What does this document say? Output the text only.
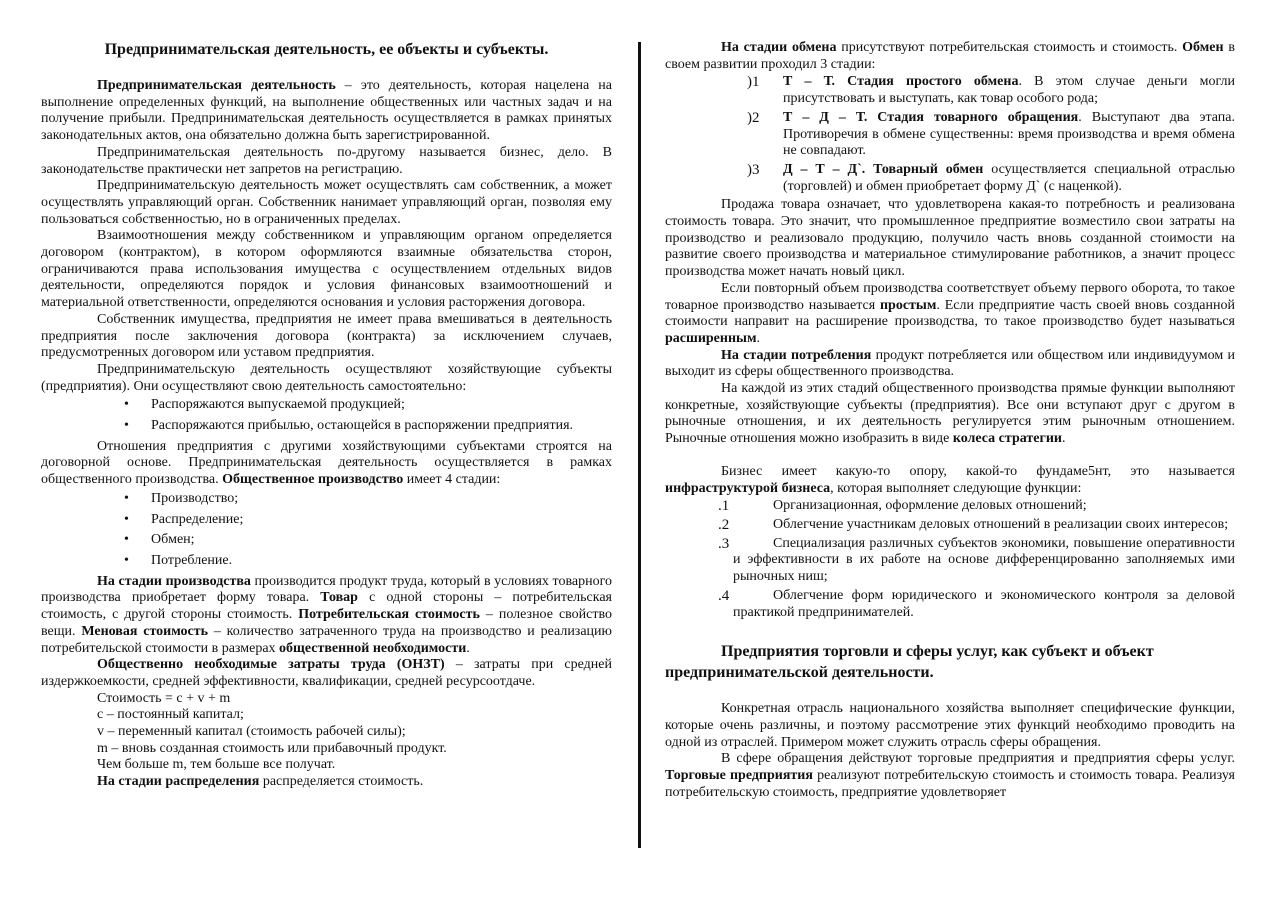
Предпринимательская деятельность, ее объекты и субъекты.

Предпринимательская деятельность – это деятельность, которая нацелена на выполнение определенных функций, на выполнение общественных или частных задач и на получение прибыли. Предпринимательская деятельность осуществляется в рамках принятых законодательных актов, она обязательно должна быть зарегистрированной.

Предпринимательская деятельность по-другому называется бизнес, дело. В законодательстве практически нет запретов на регистрацию.

Предпринимательскую деятельность может осуществлять сам собственник, а может осуществлять управляющий орган. Собственник нанимает управляющий орган, позволяя ему пользоваться собственностью, но в ограниченных пределах.

Взаимоотношения между собственником и управляющим органом определяется договором (контрактом), в котором оформляются взаимные обязательства сторон, ограничиваются права использования имущества с осуществлением отдельных видов деятельности, определяются порядок и условия финансовых взаимоотношений и материальной ответственности, определяются основания и условия расторжения договора.

Собственник имущества, предприятия не имеет права вмешиваться в деятельность предприятия после заключения договора (контракта) за исключением случаев, предусмотренных договором или уставом предприятия.

Предпринимательскую деятельность осуществляют хозяйствующие субъекты (предприятия). Они осуществляют свою деятельность самостоятельно:

• Распоряжаются выпускаемой продукцией;
• Распоряжаются прибылью, остающейся в распоряжении предприятия.

Отношения предприятия с другими хозяйствующими субъектами строятся на договорной основе. Предпринимательская деятельность осуществляется в рамках общественного производства. Общественное производство имеет 4 стадии:

• Производство;
• Распределение;
• Обмен;
• Потребление.

На стадии производства производится продукт труда, который в условиях товарного производства приобретает форму товара. Товар с одной стороны – потребительская стоимость, с другой стороны стоимость. Потребительская стоимость – полезное свойство вещи. Меновая стоимость – количество затраченного труда на производство и реализацию потребительской стоимости в размерах общественной необходимости.

Общественно необходимые затраты труда (ОНЗТ) – затраты при средней издержкоемкости, средней эффективности, квалификации, средней ресурсоотдаче.

Стоимость = c + v + m

c – постоянный капитал;

v – переменный капитал (стоимость рабочей силы);

m – вновь созданная стоимость или прибавочный продукт.

Чем больше m, тем больше все получат.

На стадии распределения распределяется стоимость.

На стадии обмена присутствуют потребительская стоимость и стоимость. Обмен в своем развитии проходил 3 стадии:

)1 Т – Т. Стадия простого обмена. В этом случае деньги могли присутствовать и выступать, как товар особого рода;
)2 Т – Д – Т. Стадия товарного обращения. Выступают два этапа. Противоречия в обмене существенны: время производства и время обмена не совпадают.
)3 Д – Т – Д`. Товарный обмен осуществляется специальной отраслью (торговлей) и обмен приобретает форму Д` (с наценкой).

Продажа товара означает, что удовлетворена какая-то потребность и реализована стоимость товара. Это значит, что промышленное предприятие возместило свои затраты на производство и реализовало продукцию, получило часть вновь созданной стоимости на развитие своего производства и материальное стимулирование работников, а значит процесс производства может начать новый цикл.

Если повторный объем производства соответствует объему первого оборота, то такое товарное производство называется простым. Если предприятие часть своей вновь созданной стоимости направит на расширение производства, то такое производство будет называться расширенным.

На стадии потребления продукт потребляется или обществом или индивидуумом и выходит из сферы общественного производства.

На каждой из этих стадий общественного производства прямые функции выполняют конкретные, хозяйствующие субъекты (предприятия). Все они вступают друг с другом в рыночные отношения, и их деятельность регулируется этим рыночным отношением. Рыночные отношения можно изобразить в виде колеса стратегии.

Бизнес имеет какую-то опору, какой-то фундаме5нт, это называется инфраструктурой бизнеса, которая выполняет следующие функции:

.1	Организационная, оформление деловых отношений;
.2	Облегчение участникам деловых отношений в реализации своих интересов;
.3	Специализация различных субъектов экономики, повышение оперативности и эффективности в их работе на основе дифференцированно заполняемых ими рыночных ниш;
.4	Облегчение форм юридического и экономического контроля за деловой практикой предпринимателей.

Предприятия торговли и сферы услуг, как субъект и объект предпринимательской деятельности.

Конкретная отрасль национального хозяйства выполняет специфические функции, которые очень различны, и поэтому рассмотрение этих функций необходимо проводить на одной из отраслей. Примером может служить отрасль сферы обращения.

В сфере обращения действуют торговые предприятия и предприятия сферы услуг. Торговые предприятия реализуют потребительскую стоимость и стоимость товара. Реализуя потребительскую стоимость, предприятие удовлетворяет
